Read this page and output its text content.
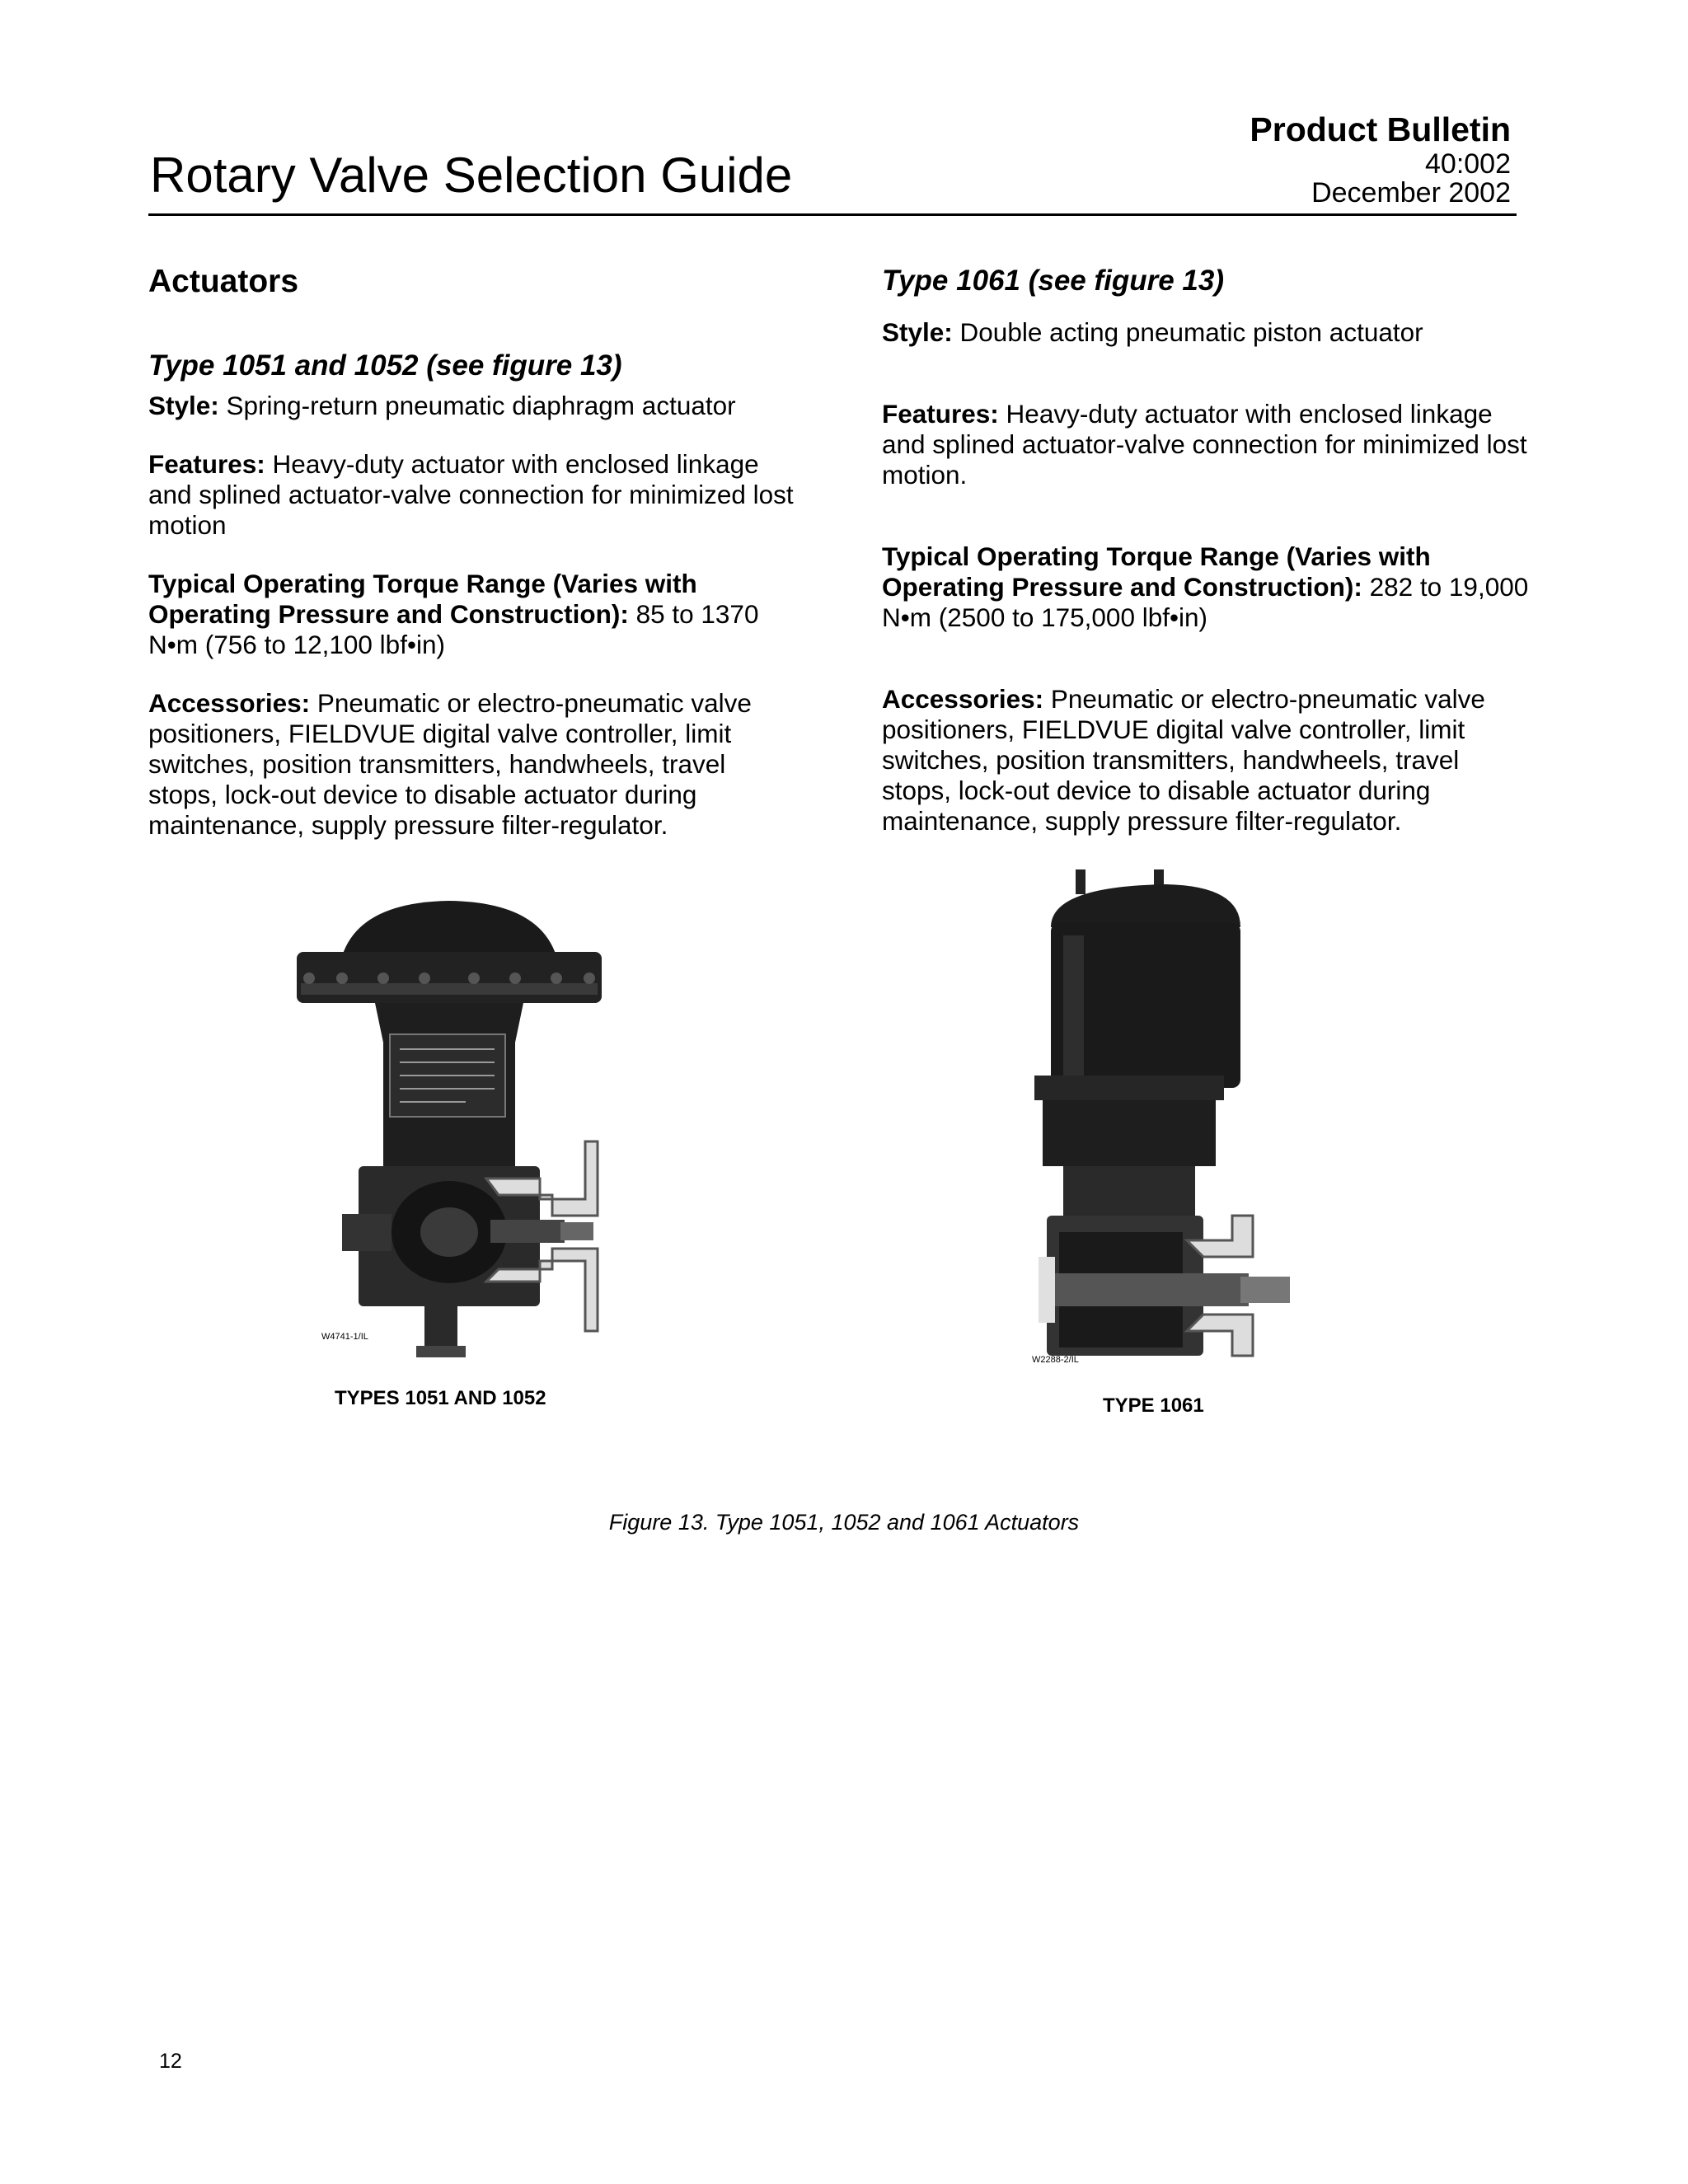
Rotary Valve Selection Guide
Product Bulletin
40:002
December 2002
Actuators
Type 1051 and 1052 (see figure 13)

Style: Spring-return pneumatic diaphragm actuator

Features: Heavy-duty actuator with enclosed linkage and splined actuator-valve connection for minimized lost motion

Typical Operating Torque Range (Varies with Operating Pressure and Construction): 85 to 1370 N•m (756 to 12,100 lbf•in)

Accessories: Pneumatic or electro-pneumatic valve positioners, FIELDVUE digital valve controller, limit switches, position transmitters, handwheels, travel stops, lock-out device to disable actuator during maintenance, supply pressure filter-regulator.

Type 1061 (see figure 13)

Style: Double acting pneumatic piston actuator

Features: Heavy-duty actuator with enclosed linkage and splined actuator-valve connection for minimized lost motion.

Typical Operating Torque Range (Varies with Operating Pressure and Construction): 282 to 19,000 N•m (2500 to 175,000 lbf•in)

Accessories: Pneumatic or electro-pneumatic valve positioners, FIELDVUE digital valve controller, limit switches, position transmitters, handwheels, travel stops, lock-out device to disable actuator during maintenance, supply pressure filter-regulator.

W4741-1/IL
TYPES 1051 AND 1052
W2288-2/IL
TYPE 1061
Figure 13. Type 1051, 1052 and 1061 Actuators
12
